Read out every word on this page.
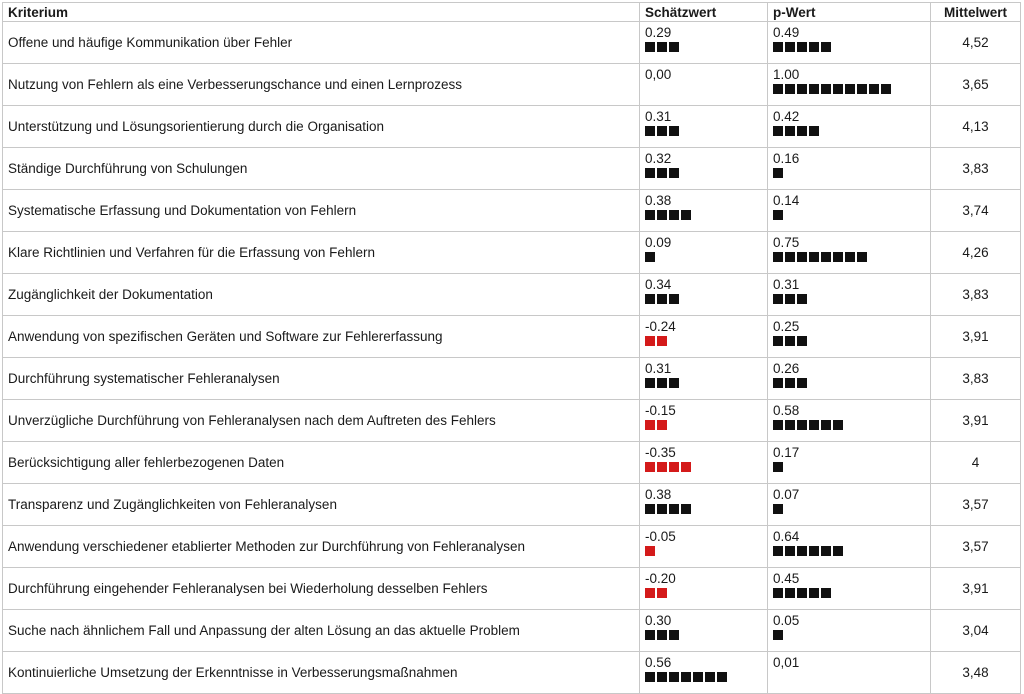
Kriterium	Schätzwert	p-Wert	Mittelwert
Offene und häufige Kommunikation über Fehler	0.29	0.49	4,52
Nutzung von Fehlern als eine Verbesserungschance und einen Lernprozess	0,00	1.00	3,65
Unterstützung und Lösungsorientierung durch die Organisation	0.31	0.42	4,13
Ständige Durchführung von Schulungen	0.32	0.16	3,83
Systematische Erfassung und Dokumentation von Fehlern	0.38	0.14	3,74
Klare Richtlinien und Verfahren für die Erfassung von Fehlern	0.09	0.75	4,26
Zugänglichkeit der Dokumentation	0.34	0.31	3,83
Anwendung von spezifischen Geräten und Software zur Fehlererfassung	-0.24	0.25	3,91
Durchführung systematischer Fehleranalysen	0.31	0.26	3,83
Unverzügliche Durchführung von Fehleranalysen nach dem Auftreten des Fehlers	-0.15	0.58	3,91
Berücksichtigung aller fehlerbezogenen Daten	-0.35	0.17	4
Transparenz und Zugänglichkeiten von Fehleranalysen	0.38	0.07	3,57
Anwendung verschiedener etablierter Methoden zur Durchführung von Fehleranalysen	-0.05	0.64	3,57
Durchführung eingehender Fehleranalysen bei Wiederholung desselben Fehlers	-0.20	0.45	3,91
Suche nach ähnlichem Fall und Anpassung der alten Lösung an das aktuelle Problem	0.30	0.05	3,04
Kontinuierliche Umsetzung der Erkenntnisse in Verbesserungsmaßnahmen	0.56	0,01	3,48
